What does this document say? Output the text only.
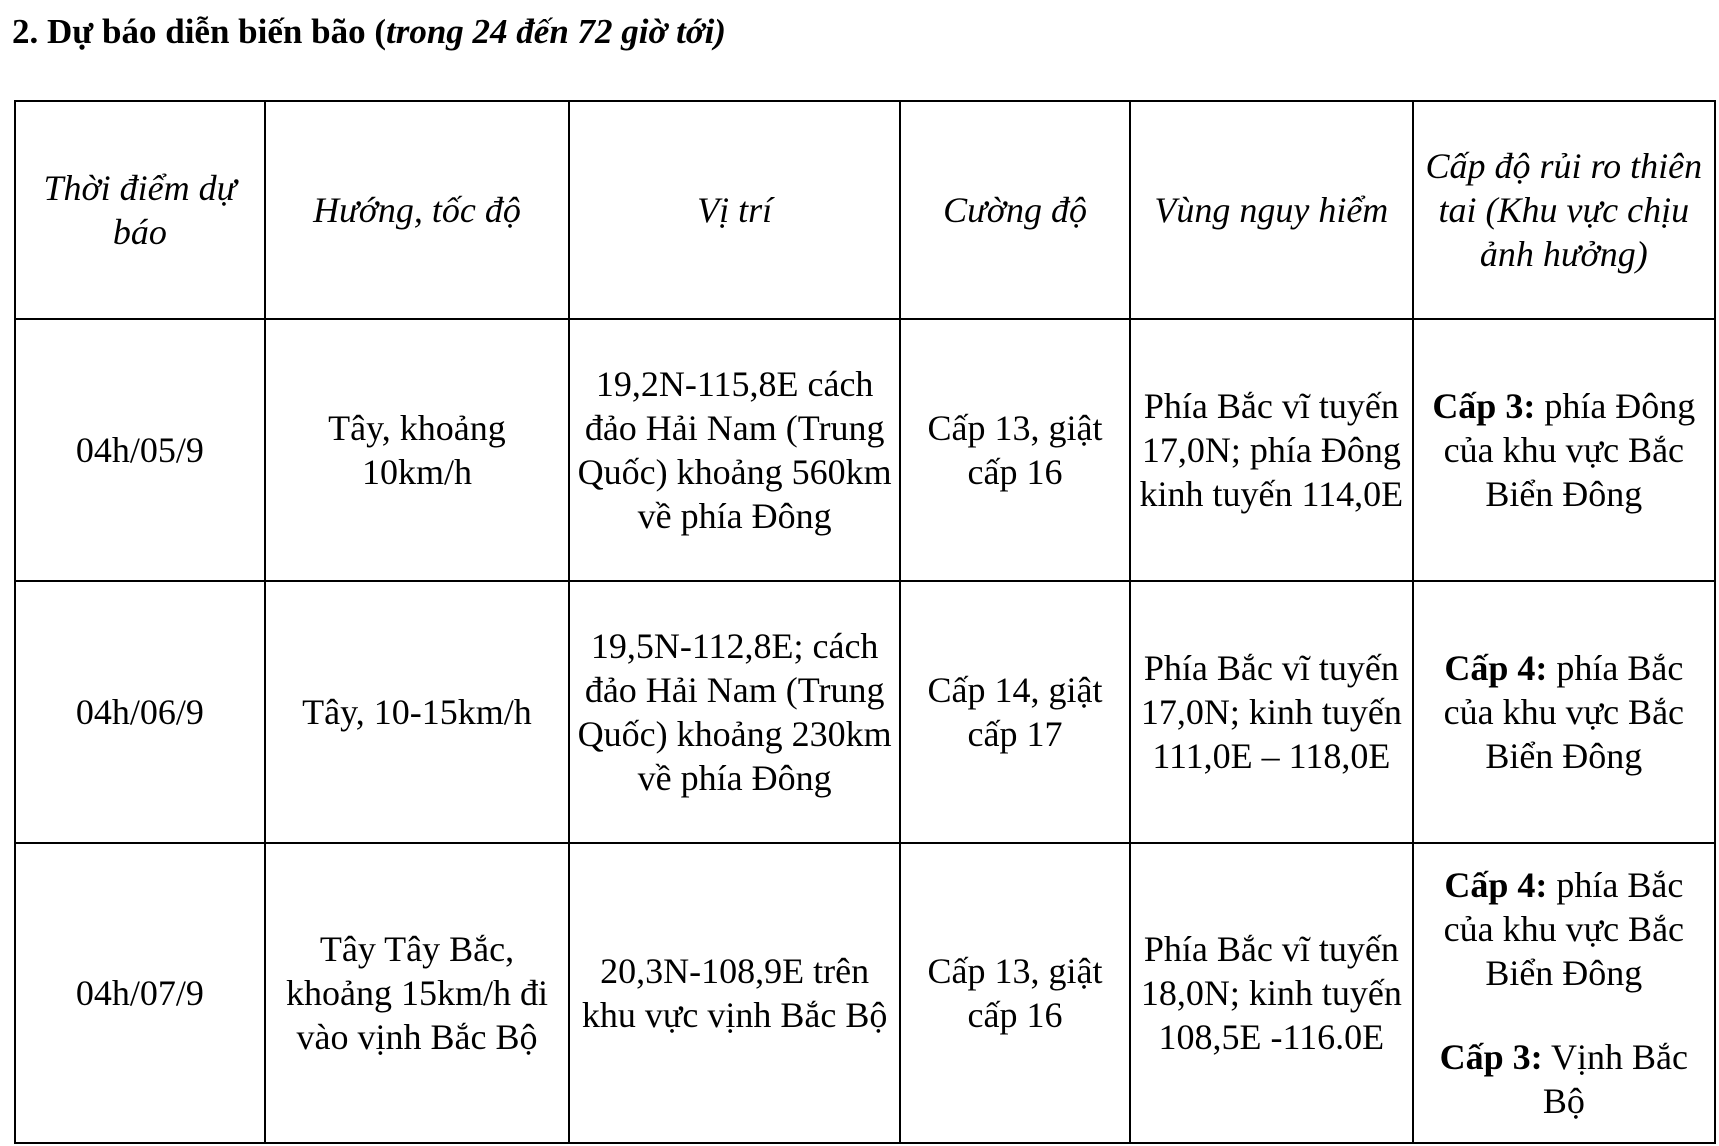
2. Dự báo diễn biến bão (trong 24 đến 72 giờ tới)
Thời điểm dự báo	Hướng, tốc độ	Vị trí	Cường độ	Vùng nguy hiểm	Cấp độ rủi ro thiên tai (Khu vực chịu ảnh hưởng)
04h/05/9	Tây, khoảng 10km/h	19,2N-115,8E cách đảo Hải Nam (Trung Quốc) khoảng 560km về phía Đông	Cấp 13, giật cấp 16	Phía Bắc vĩ tuyến 17,0N; phía Đông kinh tuyến 114,0E	Cấp 3: phía Đông của khu vực Bắc Biển Đông

04h/06/9	Tây, 10-15km/h	19,5N-112,8E; cách đảo Hải Nam (Trung Quốc) khoảng 230km về phía Đông	Cấp 14, giật cấp 17	Phía Bắc vĩ tuyến 17,0N; kinh tuyến 111,0E – 118,0E	Cấp 4: phía Bắc của khu vực Bắc Biển Đông

04h/07/9	Tây Tây Bắc, khoảng 15km/h đi vào vịnh Bắc Bộ	20,3N-108,9E trên khu vực vịnh Bắc Bộ	Cấp 13, giật cấp 16	Phía Bắc vĩ tuyến 18,0N; kinh tuyến 108,5E -116.0E	Cấp 4: phía Bắc của khu vực Bắc Biển Đông
Cấp 3: Vịnh Bắc Bộ
